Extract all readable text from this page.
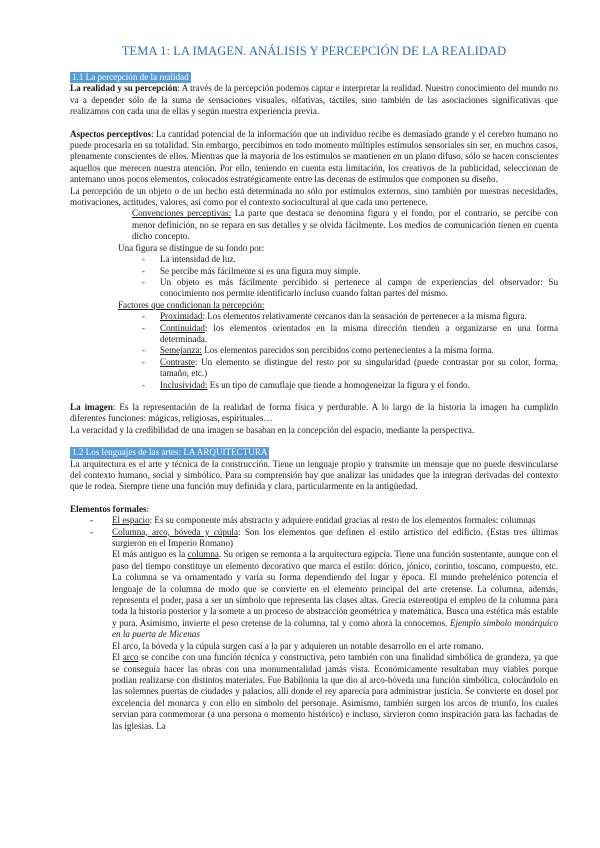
TEMA 1: LA IMAGEN. ANÁLISIS Y PERCEPCIÓN DE LA REALIDAD
1.1 La percepción de la realidad

La realidad y su percepción: A través de la percepción podemos captar e interpretar la realidad. Nuestro conocimiento del mundo no va a depender sólo de la suma de sensaciones visuales, olfativas, táctiles, sino también de las asociaciones significativas que realizamos con cada una de ellas y según nuestra experiencia previa.

Aspectos perceptivos: La cantidad potencial de la información que un individuo recibe es demasiado grande y el cerebro humano no puede procesarla en su totalidad. Sin embargo, percibimos en todo momento múltiples estímulos sensoriales sin ser, en muchos casos, plenamente conscientes de ellos. Mientras que la mayoría de los estímulos se mantienen en un plano difuso, sólo se hacen conscientes aquellos que merecen nuestra atención. Por ello, teniendo en cuenta esta limitación, los creativos de la publicidad, seleccionan de antemano unos pocos elementos, colocados estratégicamente entre las decenas de estímulos que componen su diseño.

La percepción de un objeto o de un hecho está determinada no sólo por estímulos externos, sino también por nuestras necesidades, motivaciones, actitudes, valores, así como por el contexto sociocultural al que cada uno pertenece.

Convenciones perceptivas: La parte que destaca se denomina figura y el fondo, por el contrario, se percibe con menor definición, no se repara en sus detalles y se olvida fácilmente. Los medios de comunicación tienen en cuenta dicho concepto.

Una figura se distingue de su fondo por:

- La intensidad de luz.
- Se percibe más fácilmente si es una figura muy simple.
- Un objeto es más fácilmente percibido si pertenece al campo de experiencias del observador: Su conocimiento nos permite identificarlo incluso cuando faltan partes del mismo.

Factores que condicionan la percepción:

- Proximidad: Los elementos relativamente cercanos dan la sensación de pertenecer a la misma figura.
- Continuidad: los elementos orientados en la misma dirección tienden a organizarse en una forma determinada.
- Semejanza: Los elementos parecidos son percibidos como pertenecientes a la misma forma.
- Contraste: Un elemento se distingue del resto por su singularidad (puede contrastar por su color, forma, tamaño, etc.)
- Inclusividad: Es un tipo de camuflaje que tiende a homogeneizar la figura y el fondo.

La imagen: Es la representación de la realidad de forma física y perdurable. A lo largo de la historia la imagen ha cumplido diferentes funciones: mágicas, religiosas, espirituales…

La veracidad y la credibilidad de una imagen se basaban en la concepción del espacio, mediante la perspectiva.

1.2 Los lenguajes de las artes: LA ARQUITECTURA

La arquitectura es el arte y técnica de la construcción. Tiene un lenguaje propio y transmite un mensaje que no puede desvincularse del contexto humano, social y simbólico. Para su comprensión hay que analizar las unidades que la integran derivadas del contexto que le rodea. Siempre tiene una función muy definida y clara, particularmente en la antigüedad.

Elementos formales:

- El espacio: Es su componente más abstracto y adquiere entidad gracias al resto de los elementos formales: columnas
- Columna, arco, bóveda y cúpula: Son los elementos que definen el estilo artístico del edificio. (Estas tres últimas surgieron en el Imperio Romano)

El más antiguo es la columna. Su origen se remonta a la arquitectura egipcia. Tiene una función sustentante, aunque con el paso del tiempo constituye un elemento decorativo que marca el estilo: dórico, jónico, corintio, toscano, compuesto, etc. La columna se va ornamentado y varía su forma dependiendo del lugar y época. El mundo prehelénico potencia el lenguaje de la columna de modo que se convierte en el elemento principal del arte cretense. La columna, además, representa el poder, pasa a ser un símbolo que representa las clases altas. Grecia estereotipa el empleo de la columna para toda la historia posterior y la somete a un proceso de abstracción geométrica y matemática. Busca una estética más estable y pura. Asimismo, invierte el peso cretense de la columna, tal y como ahora la conocemos. Ejemplo símbolo monárquico en la puerta de Micenas

El arco, la bóveda y la cúpula surgen casi a la par y adquieren un notable desarrollo en el arte romano.

El arco se concibe con una función técnica y constructiva, pero también con una finalidad simbólica de grandeza, ya que se conseguía hacer las obras con una monumentalidad jamás vista. Económicamente resultaban muy viables porque podían realizarse con distintos materiales. Fue Babilonia la que dio al arco-bóveda una función simbólica, colocándolo en las solemnes puertas de ciudades y palacios, allí donde el rey aparecía para administrar justicia. Se convierte en dosel por excelencia del monarca y con ello en símbolo del personaje. Asimismo, también surgen los arcos de triunfo, los cuales servían para conmemorar (a una persona o momento histórico) e incluso, sirvieron como inspiración para las fachadas de las iglesias. La
